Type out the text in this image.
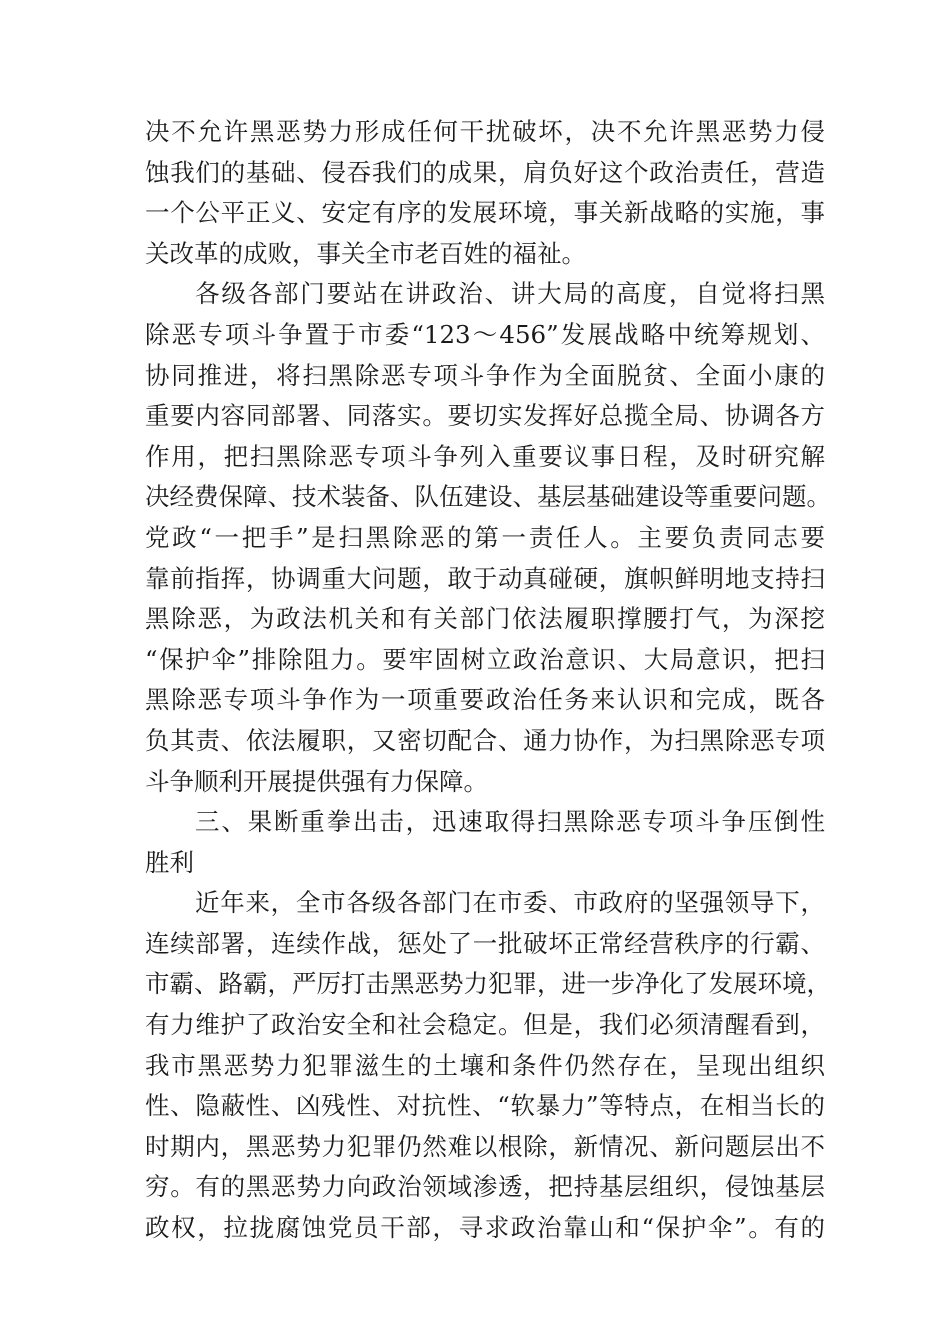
决不允许黑恶势力形成任何干扰破坏，决不允许黑恶势力侵
蚀我们的基础、侵吞我们的成果，肩负好这个政治责任，营造
一个公平正义、安定有序的发展环境，事关新战略的实施，事
关改革的成败，事关全市老百姓的福祉。
各级各部门要站在讲政治、讲大局的高度，自觉将扫黑
除恶专项斗争置于市委“123～456”发展战略中统筹规划、
协同推进，将扫黑除恶专项斗争作为全面脱贫、全面小康的
重要内容同部署、同落实。要切实发挥好总揽全局、协调各方
作用，把扫黑除恶专项斗争列入重要议事日程，及时研究解
决经费保障、技术装备、队伍建设、基层基础建设等重要问题。
党政“一把手”是扫黑除恶的第一责任人。主要负责同志要
靠前指挥，协调重大问题，敢于动真碰硬，旗帜鲜明地支持扫
黑除恶，为政法机关和有关部门依法履职撑腰打气，为深挖
“保护伞”排除阻力。要牢固树立政治意识、大局意识，把扫
黑除恶专项斗争作为一项重要政治任务来认识和完成，既各
负其责、依法履职，又密切配合、通力协作，为扫黑除恶专项
斗争顺利开展提供强有力保障。
三、果断重拳出击，迅速取得扫黑除恶专项斗争压倒性
胜利
近年来，全市各级各部门在市委、市政府的坚强领导下，
连续部署，连续作战，惩处了一批破坏正常经营秩序的行霸、
市霸、路霸，严厉打击黑恶势力犯罪，进一步净化了发展环境，
有力维护了政治安全和社会稳定。但是，我们必须清醒看到，
我市黑恶势力犯罪滋生的土壤和条件仍然存在，呈现出组织
性、隐蔽性、凶残性、对抗性、“软暴力”等特点，在相当长的
时期内，黑恶势力犯罪仍然难以根除，新情况、新问题层出不
穷。有的黑恶势力向政治领域渗透，把持基层组织，侵蚀基层
政权，拉拢腐蚀党员干部，寻求政治靠山和“保护伞”。有的
